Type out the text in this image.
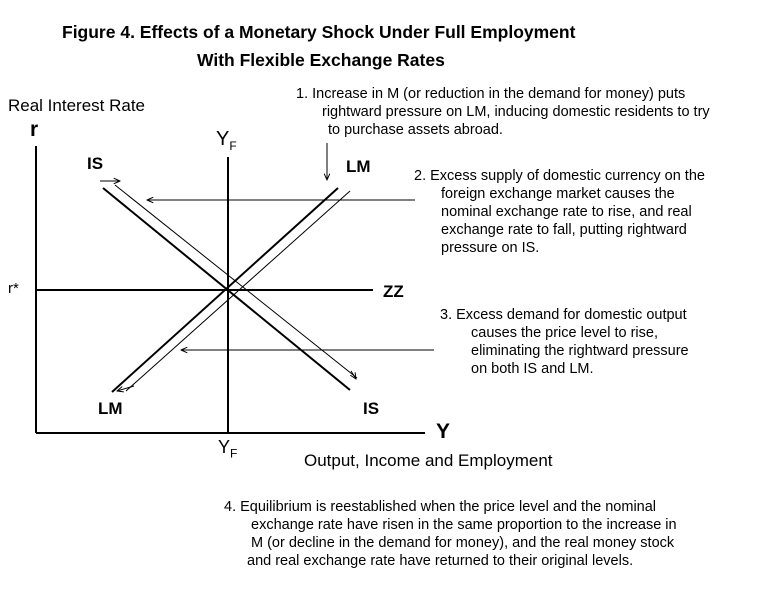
Figure 4. Effects of a Monetary Shock Under Full Employment
With Flexible Exchange Rates
Real Interest Rate
r
Y
Output, Income and Employment
r*
$Y_F$
$Y_F$
IS	LM
ZZ
LM	IS
1. Increase in M (or reduction in the demand for money) puts
rightward pressure on LM, inducing domestic residents to try
to purchase assets abroad.
2. Excess supply of domestic currency on the
foreign exchange market causes the
nominal exchange rate to rise, and real
exchange rate to fall, putting rightward
pressure on IS.
3. Excess demand for domestic output
causes the price level to rise,
eliminating the rightward pressure
on both IS and LM.
4. Equilibrium is reestablished when the price level and the nominal
exchange rate have risen in the same proportion to the increase in
M (or decline in the demand for money), and the real money stock
and real exchange rate have returned to their original levels.
